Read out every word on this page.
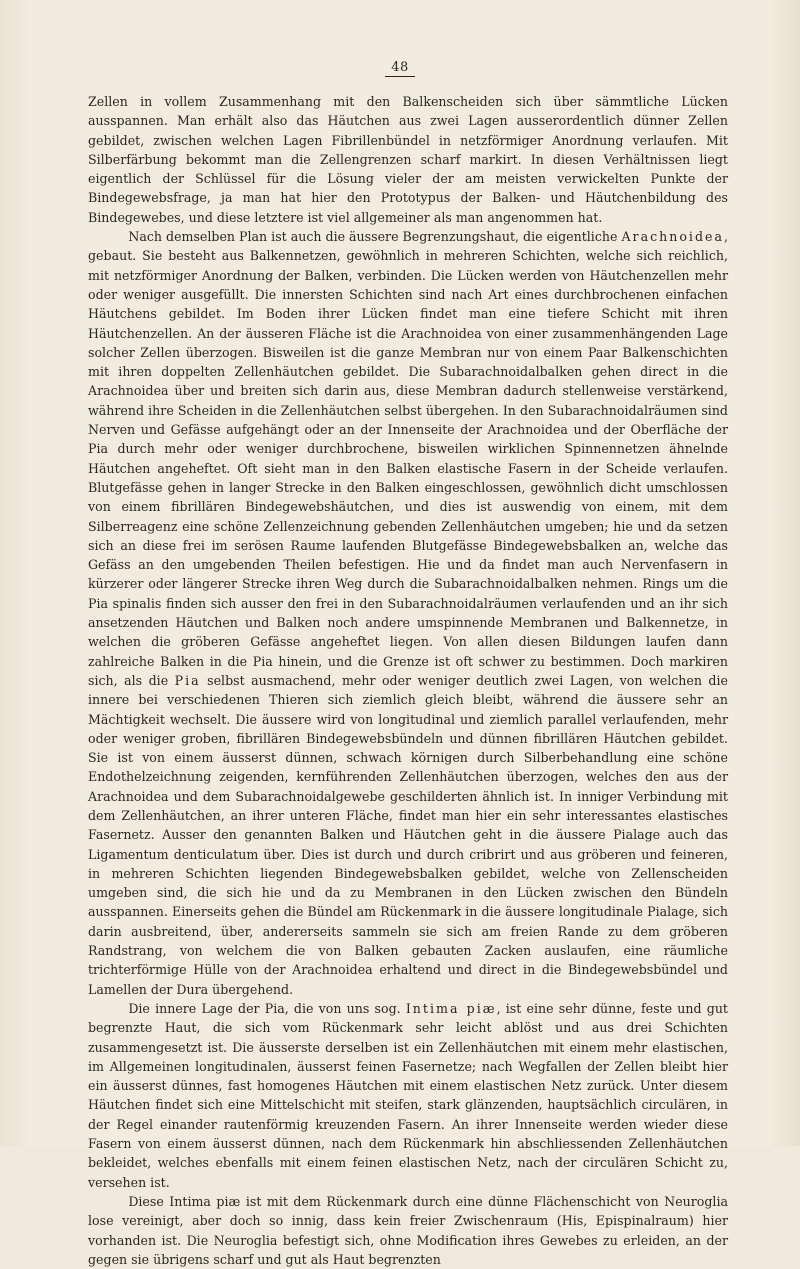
48

Zellen in vollem Zusammenhang mit den Balkenscheiden sich über sämmtliche Lücken ausspannen. Man erhält also das Häutchen aus zwei Lagen ausserordentlich dünner Zellen gebildet, zwischen welchen Lagen Fibrillenbündel in netzförmiger Anordnung verlaufen. Mit Silberfärbung bekommt man die Zellengrenzen scharf markirt. In diesen Verhältnissen liegt eigentlich der Schlüssel für die Lösung vieler der am meisten verwickelten Punkte der Bindegewebsfrage, ja man hat hier den Prototypus der Balken- und Häutchenbildung des Bindegewebes, und diese letztere ist viel allgemeiner als man angenommen hat.

Nach demselben Plan ist auch die äussere Begrenzungshaut, die eigentliche Arachnoidea, gebaut. Sie besteht aus Balkennetzen, gewöhnlich in mehreren Schichten, welche sich reichlich, mit netzförmiger Anordnung der Balken, verbinden. Die Lücken werden von Häutchenzellen mehr oder weniger ausgefüllt. Die innersten Schichten sind nach Art eines durchbrochenen einfachen Häutchens gebildet. Im Boden ihrer Lücken findet man eine tiefere Schicht mit ihren Häutchenzellen. An der äusseren Fläche ist die Arachnoidea von einer zusammenhängenden Lage solcher Zellen überzogen. Bisweilen ist die ganze Membran nur von einem Paar Balkenschichten mit ihren doppelten Zellenhäutchen gebildet. Die Subarachnoidalbalken gehen direct in die Arachnoidea über und breiten sich darin aus, diese Membran dadurch stellenweise verstärkend, während ihre Scheiden in die Zellenhäutchen selbst übergehen. In den Subarachnoidalräumen sind Nerven und Gefässe aufgehängt oder an der Innenseite der Arachnoidea und der Oberfläche der Pia durch mehr oder weniger durchbrochene, bisweilen wirklichen Spinnennetzen ähnelnde Häutchen angeheftet. Oft sieht man in den Balken elastische Fasern in der Scheide verlaufen. Blutgefässe gehen in langer Strecke in den Balken eingeschlossen, gewöhnlich dicht umschlossen von einem fibrillären Bindegewebshäutchen, und dies ist auswendig von einem, mit dem Silberreagenz eine schöne Zellenzeichnung gebenden Zellenhäutchen umgeben; hie und da setzen sich an diese frei im serösen Raume laufenden Blutgefässe Bindegewebsbalken an, welche das Gefäss an den umgebenden Theilen befestigen. Hie und da findet man auch Nervenfasern in kürzerer oder längerer Strecke ihren Weg durch die Subarachnoidalbalken nehmen. Rings um die Pia spinalis finden sich ausser den frei in den Subarachnoidalräumen verlaufenden und an ihr sich ansetzenden Häutchen und Balken noch andere umspinnende Membranen und Balkennetze, in welchen die gröberen Gefässe angeheftet liegen. Von allen diesen Bildungen laufen dann zahlreiche Balken in die Pia hinein, und die Grenze ist oft schwer zu bestimmen. Doch markiren sich, als die Pia selbst ausmachend, mehr oder weniger deutlich zwei Lagen, von welchen die innere bei verschiedenen Thieren sich ziemlich gleich bleibt, während die äussere sehr an Mächtigkeit wechselt. Die äussere wird von longitudinal und ziemlich parallel verlaufenden, mehr oder weniger groben, fibrillären Bindegewebsbündeln und dünnen fibrillären Häutchen gebildet. Sie ist von einem äusserst dünnen, schwach körnigen durch Silberbehandlung eine schöne Endothelzeichnung zeigenden, kernführenden Zellenhäutchen überzogen, welches den aus der Arachnoidea und dem Subarachnoidalgewebe geschilderten ähnlich ist. In inniger Verbindung mit dem Zellenhäutchen, an ihrer unteren Fläche, findet man hier ein sehr interessantes elastisches Fasernetz. Ausser den genannten Balken und Häutchen geht in die äussere Pialage auch das Ligamentum denticulatum über. Dies ist durch und durch cribrirt und aus gröberen und feineren, in mehreren Schichten liegenden Bindegewebsbalken gebildet, welche von Zellenscheiden umgeben sind, die sich hie und da zu Membranen in den Lücken zwischen den Bündeln ausspannen. Einerseits gehen die Bündel am Rückenmark in die äussere longitudinale Pialage, sich darin ausbreitend, über, andererseits sammeln sie sich am freien Rande zu dem gröberen Randstrang, von welchem die von Balken gebauten Zacken auslaufen, eine räumliche trichterförmige Hülle von der Arachnoidea erhaltend und direct in die Bindegewebsbündel und Lamellen der Dura übergehend.

Die innere Lage der Pia, die von uns sog. Intima piæ, ist eine sehr dünne, feste und gut begrenzte Haut, die sich vom Rückenmark sehr leicht ablöst und aus drei Schichten zusammengesetzt ist. Die äusserste derselben ist ein Zellenhäutchen mit einem mehr elastischen, im Allgemeinen longitudinalen, äusserst feinen Fasernetze; nach Wegfallen der Zellen bleibt hier ein äusserst dünnes, fast homogenes Häutchen mit einem elastischen Netz zurück. Unter diesem Häutchen findet sich eine Mittelschicht mit steifen, stark glänzenden, hauptsächlich circulären, in der Regel einander rautenförmig kreuzenden Fasern. An ihrer Innenseite werden wieder diese Fasern von einem äusserst dünnen, nach dem Rückenmark hin abschliessenden Zellenhäutchen bekleidet, welches ebenfalls mit einem feinen elastischen Netz, nach der circulären Schicht zu, versehen ist.

Diese Intima piæ ist mit dem Rückenmark durch eine dünne Flächenschicht von Neuroglia lose vereinigt, aber doch so innig, dass kein freier Zwischenraum (His, Epispinalraum) hier vorhanden ist. Die Neuroglia befestigt sich, ohne Modification ihres Gewebes zu erleiden, an der gegen sie übrigens scharf und gut als Haut begrenzten
